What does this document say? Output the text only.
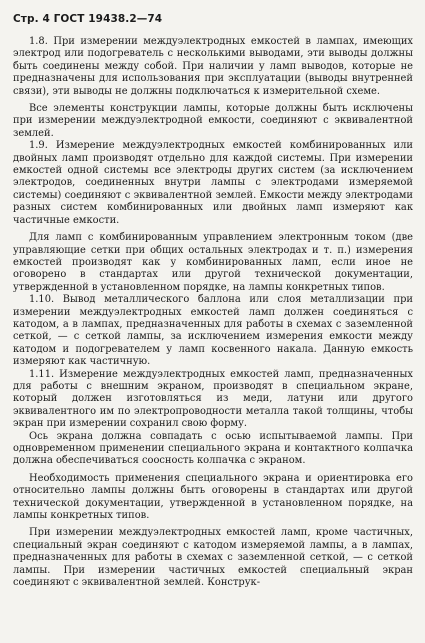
Стр. 4 ГОСТ 19438.2—74

1.8. При измерении междуэлектродных емкостей в лампах, имеющих электрод или подогреватель с несколькими выводами, эти выводы должны быть соединены между собой. При наличии у ламп выводов, которые не предназначены для использования при эксплуатации (выводы внутренней связи), эти выводы не должны подключаться к измерительной схеме.

Все элементы конструкции лампы, которые должны быть исключены при измерении междуэлектродной емкости, соединяют с эквивалентной землей.

1.9. Измерение междуэлектродных емкостей комбинированных или двойных ламп производят отдельно для каждой системы. При измерении емкостей одной системы все электроды других систем (за исключением электродов, соединенных внутри лампы с электродами измеряемой системы) соединяют с эквивалентной землей. Емкости между электродами разных систем комбинированных или двойных ламп измеряют как частичные емкости.

Для ламп с комбинированным управлением электронным током (две управляющие сетки при общих остальных электродах и т. п.) измерения емкостей производят как у комбинированных ламп, если иное не оговорено в стандартах или другой технической документации, утвержденной в установленном порядке, на лампы конкретных типов.

1.10. Вывод металлического баллона или слоя металлизации при измерении междуэлектродных емкостей ламп должен соединяться с катодом, а в лампах, предназначенных для работы в схемах с заземленной сеткой, — с сеткой лампы, за исключением измерения емкости между катодом и подогревателем у ламп косвенного накала. Данную емкость измеряют как частичную.

1.11. Измерение междуэлектродных емкостей ламп, предназначенных для работы с внешним экраном, производят в специальном экране, который должен изготовляться из меди, латуни или другого эквивалентного им по электропроводности металла такой толщины, чтобы экран при измерении сохранил свою форму.

Ось экрана должна совпадать с осью испытываемой лампы. При одновременном применении специального экрана и контактного колпачка должна обеспечиваться соосность колпачка с экраном.

Необходимость применения специального экрана и ориентировка его относительно лампы должны быть оговорены в стандартах или другой технической документации, утвержденной в установленном порядке, на лампы конкретных типов.

При измерении междуэлектродных емкостей ламп, кроме частичных, специальный экран соединяют с катодом измеряемой лампы, а в лампах, предназначенных для работы в схемах с заземленной сеткой, — с сеткой лампы. При измерении частичных емкостей специальный экран соединяют с эквивалентной землей. Конструк-
